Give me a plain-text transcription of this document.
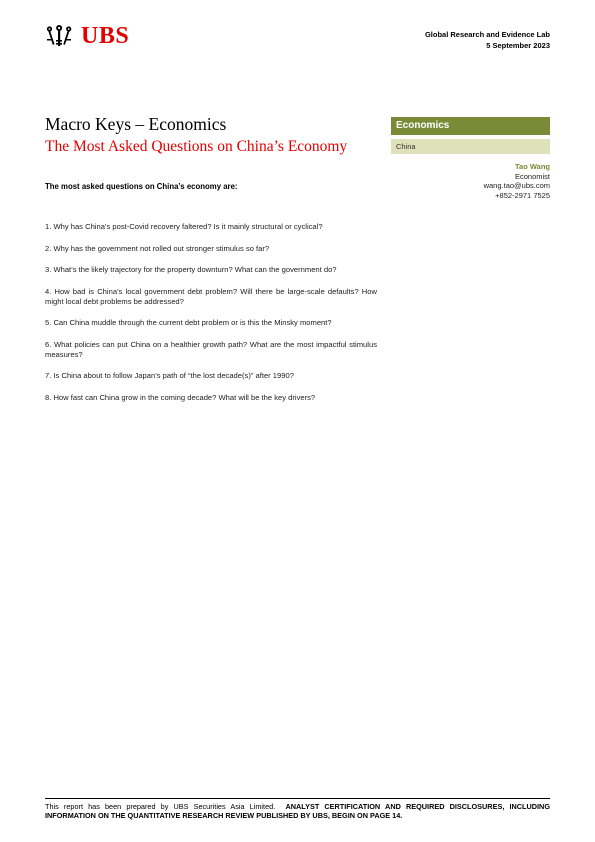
UBS	Global Research and Evidence Lab
5 September 2023
Macro Keys – Economics
The Most Asked Questions on China’s Economy
Economics
China
Tao Wang
Economist
wang.tao@ubs.com
+852-2971 7525
The most asked questions on China’s economy are:
1. Why has China’s post-Covid recovery faltered? Is it mainly structural or cyclical?
2. Why has the government not rolled out stronger stimulus so far?
3. What’s the likely trajectory for the property downturn? What can the government do?
4. How bad is China’s local government debt problem? Will there be large-scale defaults? How might local debt problems be addressed?
5. Can China muddle through the current debt problem or is this the Minsky moment?
6. What policies can put China on a healthier growth path? What are the most impactful stimulus measures?
7. Is China about to follow Japan’s path of “the lost decade(s)” after 1990?
8. How fast can China grow in the coming decade? What will be the key drivers?
This report has been prepared by UBS Securities Asia Limited. ANALYST CERTIFICATION AND REQUIRED DISCLOSURES, INCLUDING INFORMATION ON THE QUANTITATIVE RESEARCH REVIEW PUBLISHED BY UBS, BEGIN ON PAGE 14.
